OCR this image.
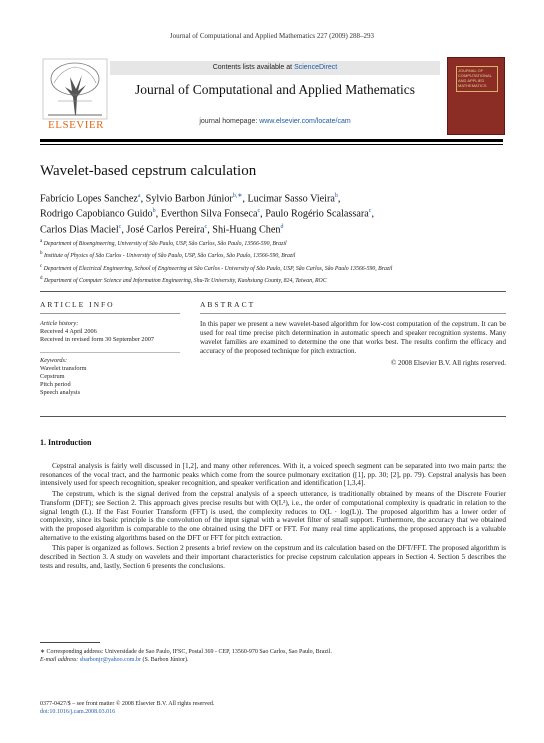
Journal of Computational and Applied Mathematics 227 (2009) 288–293
ELSEVIER
Contents lists available at ScienceDirect
Journal of Computational and Applied Mathematics
journal homepage: www.elsevier.com/locate/cam
JOURNAL OF COMPUTATIONAL AND APPLIED MATHEMATICS
Wavelet-based cepstrum calculation
Fabrício Lopes Sanchez$^a$, Sylvio Barbon Júnior$^{b,∗}$, Lucimar Sasso Vieira$^b$,
Rodrigo Capobianco Guido$^b$, Everthon Silva Fonseca$^c$, Paulo Rogério Scalassara$^c$,
Carlos Dias Maciel$^c$, José Carlos Pereira$^c$, Shi-Huang Chen$^d$
$^a$ Department of Bioengineering, University of São Paulo, USP, São Carlos, São Paulo, 13566-590, Brazil
$^b$ Institute of Physics of São Carlos - University of São Paulo, USP, São Carlos, São Paulo, 13566-590, Brazil
$^c$ Department of Electrical Engineering, School of Engineering at São Carlos - University of São Paulo, USP, São Carlos, São Paulo 13566-590, Brazil
$^d$ Department of Computer Science and Information Engineering, Shu-Te University, Kaohsiung County, 824, Taiwan, ROC
ARTICLE INFO	ABSTRACT
Article history:
Received 4 April 2006
Received in revised form 30 September 2007
Keywords:
Wavelet transform
Cepstrum
Pitch period
Speech analysis
In this paper we present a new wavelet-based algorithm for low-cost computation of the cepstrum. It can be used for real time precise pitch determination in automatic speech and speaker recognition systems. Many wavelet families are examined to determine the one that works best. The results confirm the efficacy and accuracy of the proposed technique for pitch extraction.
© 2008 Elsevier B.V. All rights reserved.
1. Introduction

Cepstral analysis is fairly well discussed in [1,2], and many other references. With it, a voiced speech segment can be separated into two main parts: the resonances of the vocal tract, and the harmonic peaks which come from the source pulmonary excitation ([1], pp. 30; [2], pp. 79). Cepstral analysis has been intensively used for speech recognition, speaker recognition, and speaker verification and identification [1,3,4].

The cepstrum, which is the signal derived from the cepstral analysis of a speech utterance, is traditionally obtained by means of the Discrete Fourier Transform (DFT); see Section 2. This approach gives precise results but with O(L²), i.e., the order of computational complexity is quadratic in relation to the signal length (L). If the Fast Fourier Transform (FFT) is used, the complexity reduces to O(L · log(L)). The proposed algorithm has a lower order of complexity, since its basic principle is the convolution of the input signal with a wavelet filter of small support. Furthermore, the accuracy that we obtained with the proposed algorithm is comparable to the one obtained using the DFT or FFT. For many real time applications, the proposed approach is a valuable alternative to the existing algorithms based on the DFT or FFT for pitch extraction.

This paper is organized as follows. Section 2 presents a brief review on the cepstrum and its calculation based on the DFT/FFT. The proposed algorithm is described in Section 3. A study on wavelets and their important characteristics for precise cepstrum calculation appears in Section 4. Section 5 describes the tests and results, and, lastly, Section 6 presents the conclusions.

∗ Corresponding address: Universidade de Sao Paulo, IFSC, Postal 369 - CEP, 13560-970 Sao Carlos, Sao Paulo, Brazil.
E-mail address: sbarbonjr@yahoo.com.br (S. Barbon Júnior).
0377-0427/$ – see front matter © 2008 Elsevier B.V. All rights reserved.
doi:10.1016/j.cam.2008.03.016
